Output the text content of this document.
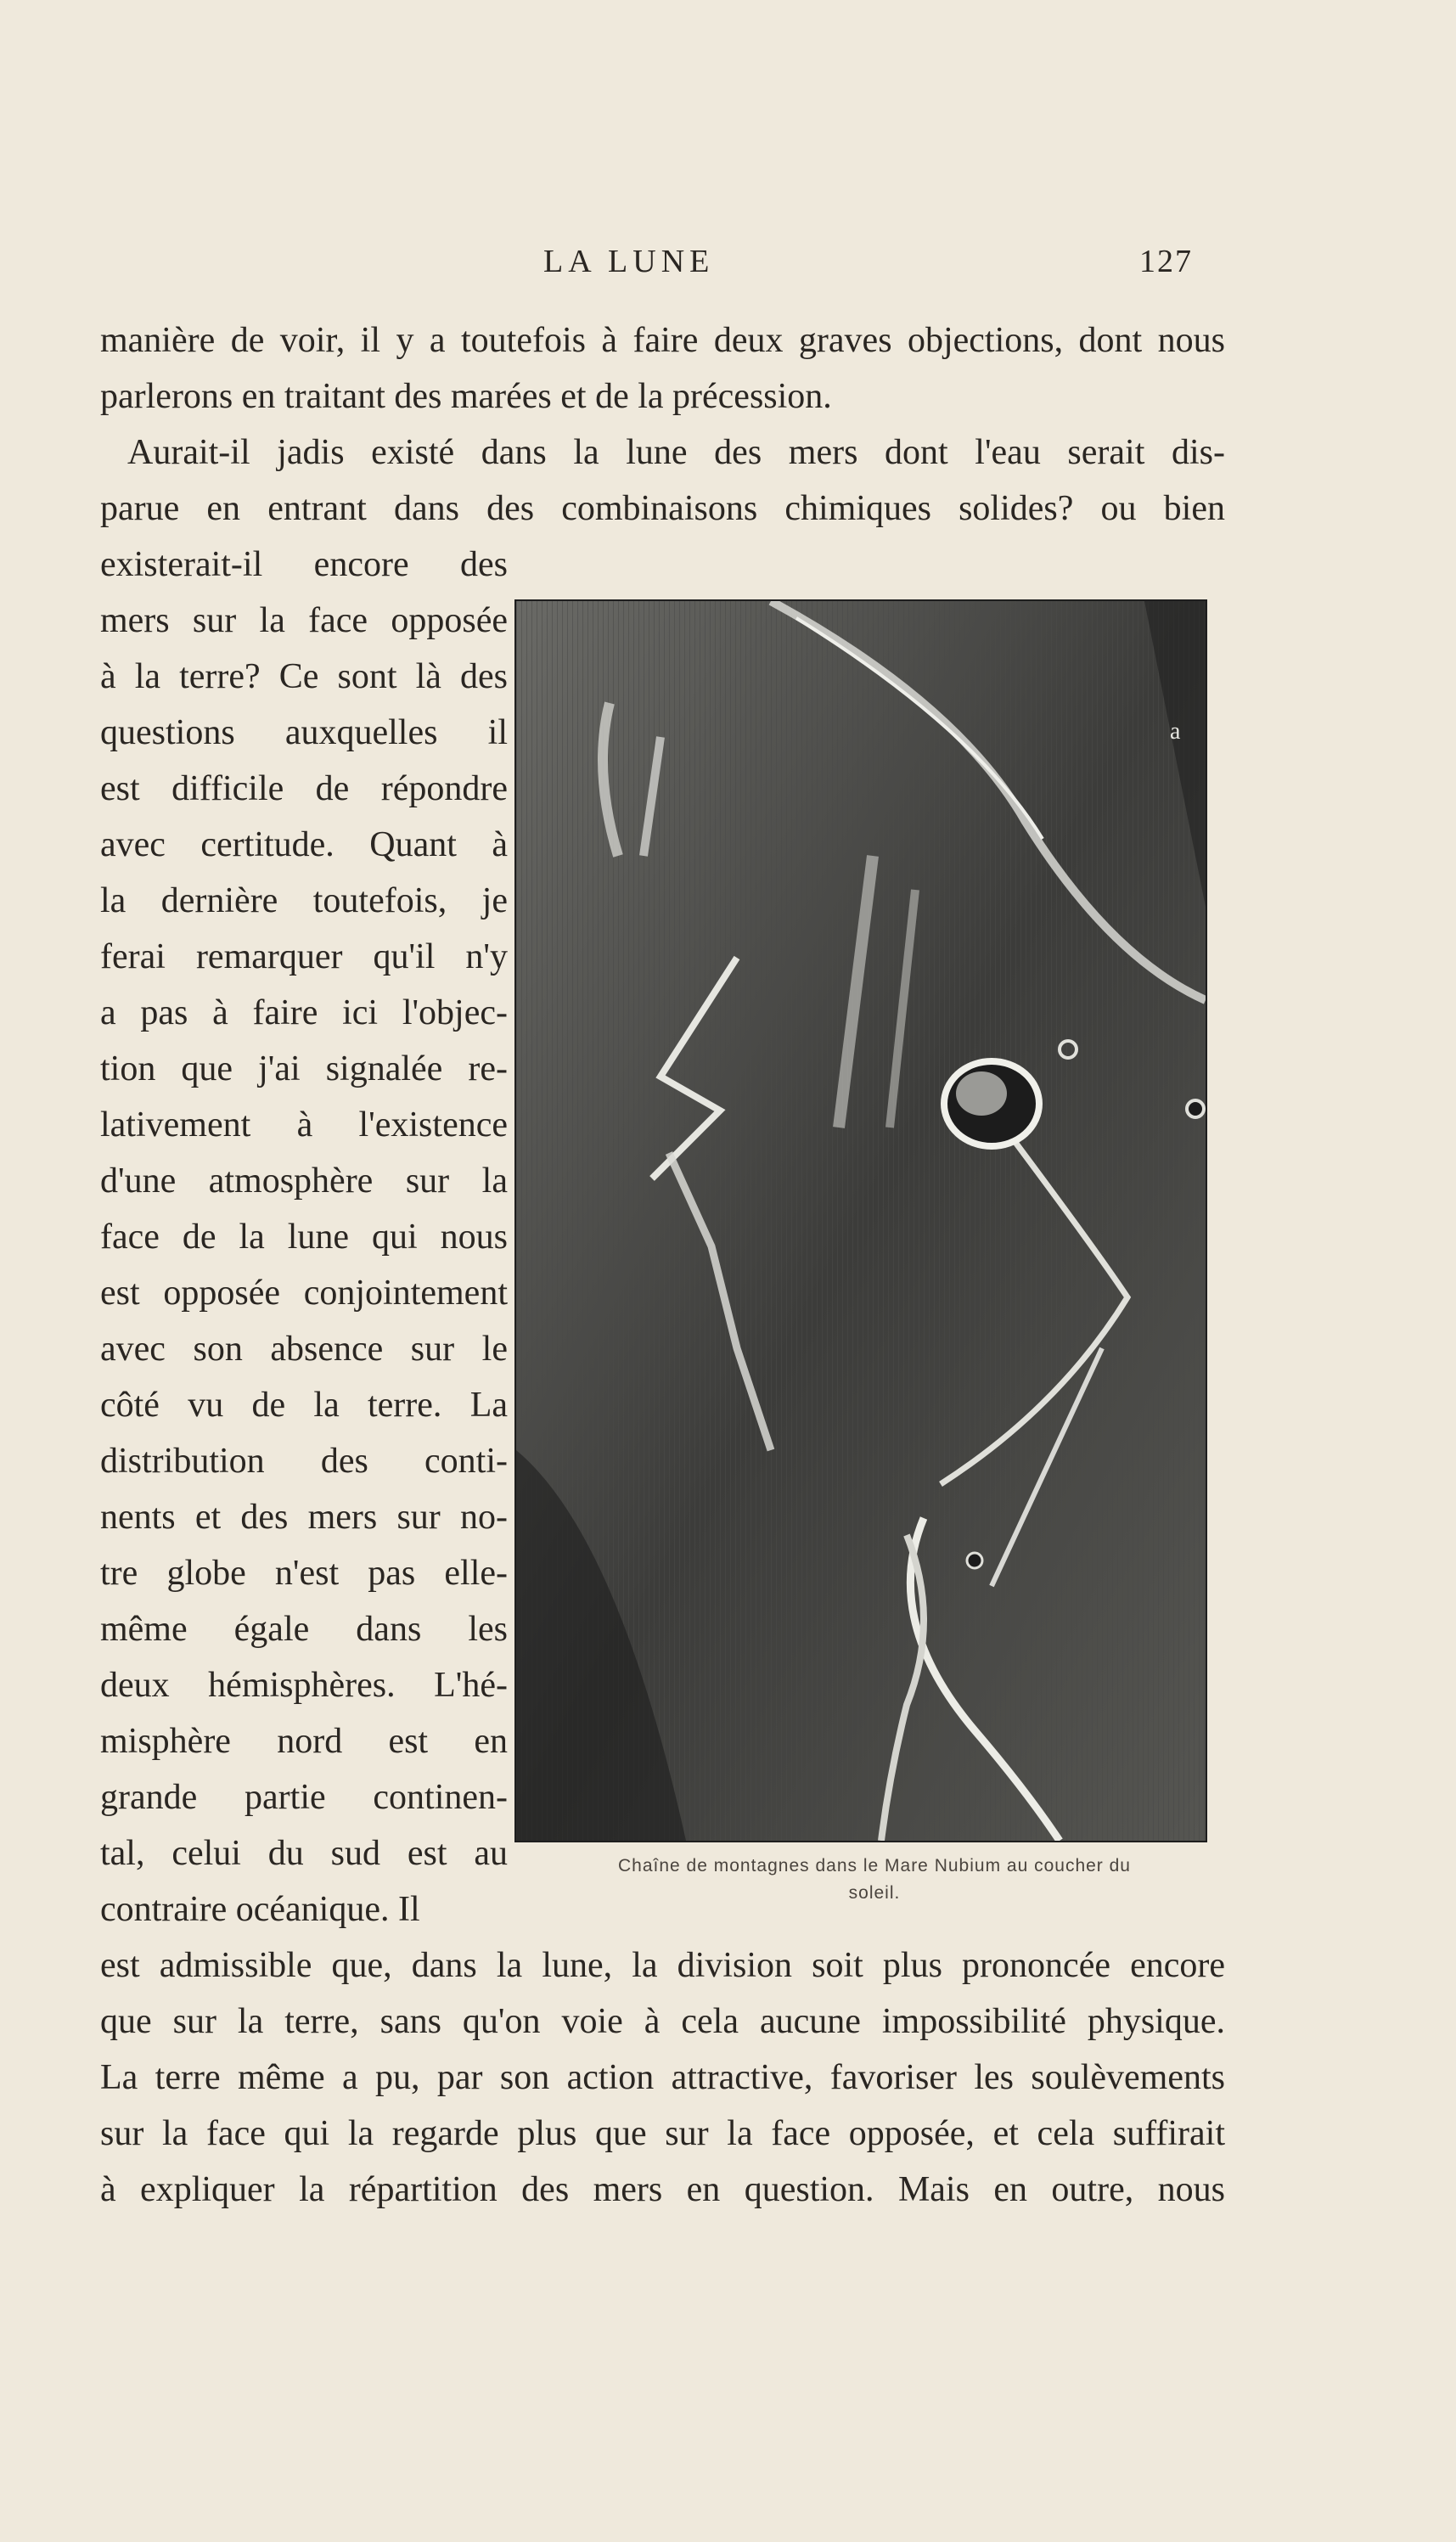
LA LUNE	127
manière de voir, il y a toutefois à faire deux graves objections, dont nous
parlerons en traitant des marées et de la précession.
Aurait-il jadis existé dans la lune des mers dont l'eau serait dis-
parue en entrant dans des combinaisons chimiques solides? ou bien
existerait-il encore des
mers sur la face opposée
à la terre? Ce sont là des
questions auxquelles il
est difficile de répondre
avec certitude. Quant à
la dernière toutefois, je
ferai remarquer qu'il n'y
a pas à faire ici l'objec-
tion que j'ai signalée re-
lativement à l'existence
d'une atmosphère sur la
face de la lune qui nous
est opposée conjointement
avec son absence sur le
côté vu de la terre. La
distribution des conti-
nents et des mers sur no-
tre globe n'est pas elle-
même égale dans les
deux hémisphères. L'hé-
misphère nord est en
grande partie continen-
tal, celui du sud est au
contraire océanique. Il
a
Chaîne de montagnes dans le Mare Nubium au coucher du soleil.
est admissible que, dans la lune, la division soit plus prononcée encore
que sur la terre, sans qu'on voie à cela aucune impossibilité physique.
La terre même a pu, par son action attractive, favoriser les soulèvements
sur la face qui la regarde plus que sur la face opposée, et cela suffirait
à expliquer la répartition des mers en question. Mais en outre, nous
